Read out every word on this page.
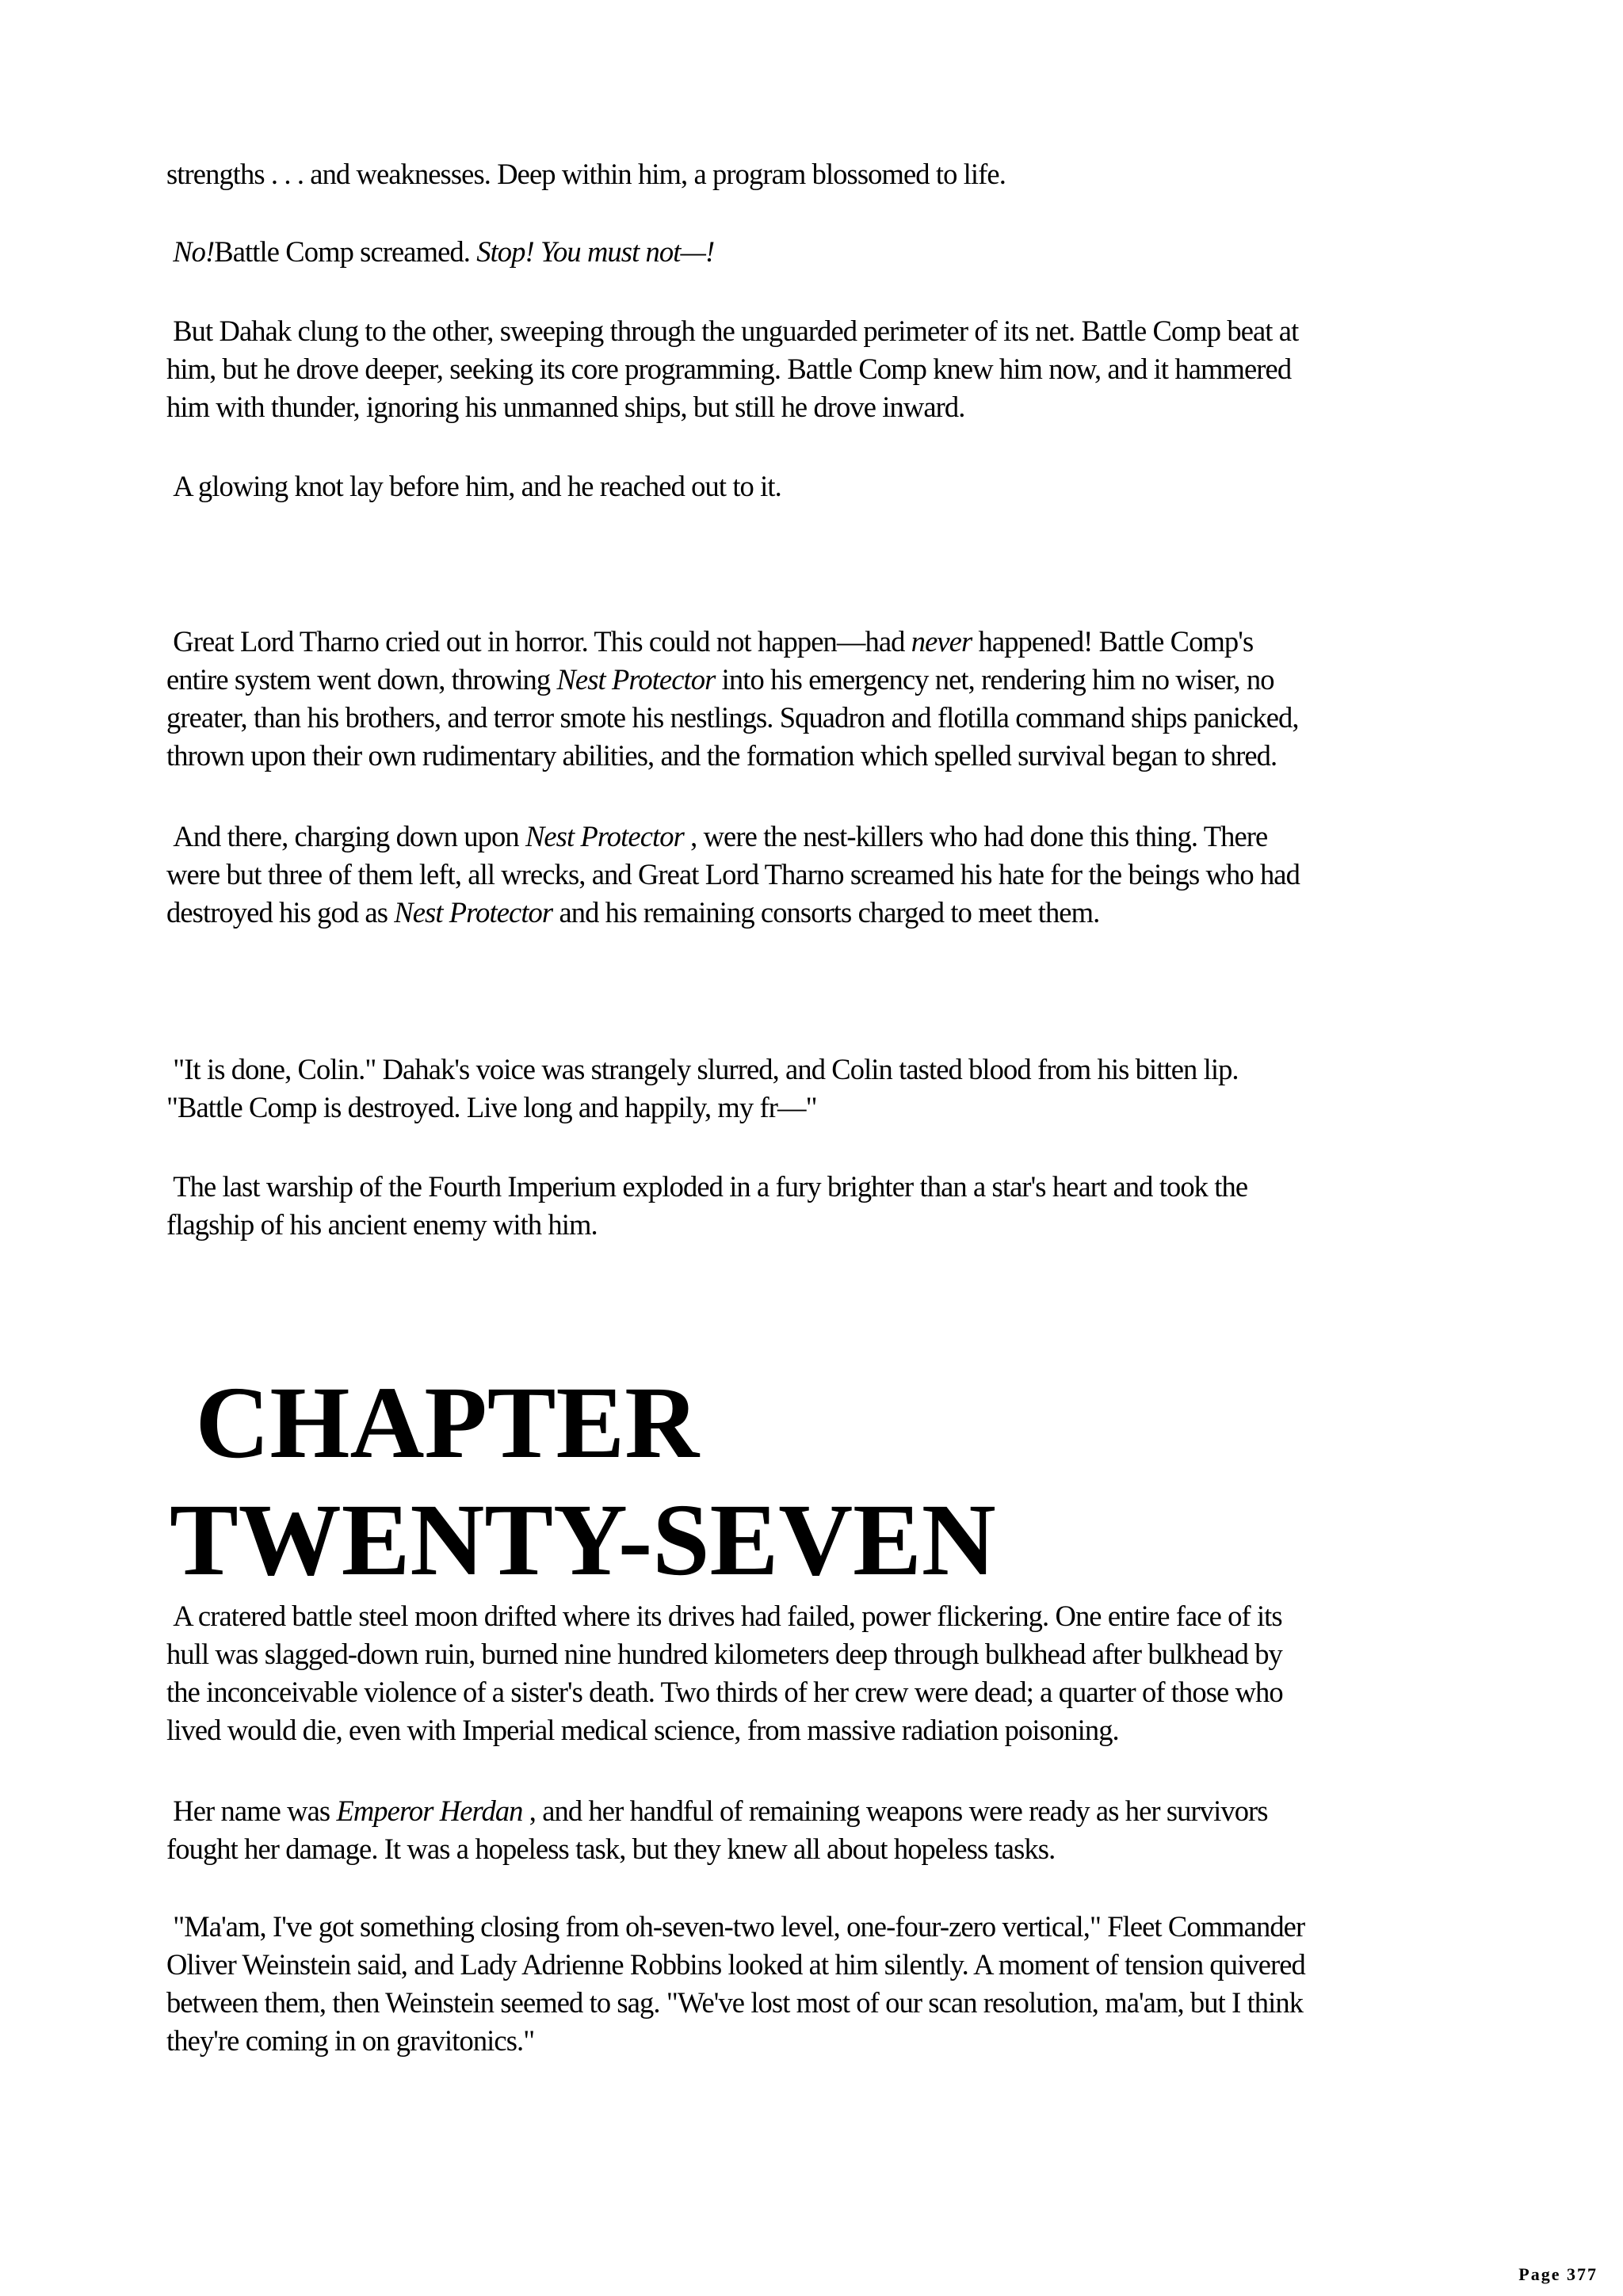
strengths . . . and weaknesses. Deep within him, a program blossomed to life.
No!Battle Comp screamed. Stop! You must not—!
But Dahak clung to the other, sweeping through the unguarded perimeter of its net. Battle Comp beat at
him, but he drove deeper, seeking its core programming. Battle Comp knew him now, and it hammered
him with thunder, ignoring his unmanned ships, but still he drove inward.
A glowing knot lay before him, and he reached out to it.
Great Lord Tharno cried out in horror. This could not happen—had never happened! Battle Comp's
entire system went down, throwing Nest Protector into his emergency net, rendering him no wiser, no
greater, than his brothers, and terror smote his nestlings. Squadron and flotilla command ships panicked,
thrown upon their own rudimentary abilities, and the formation which spelled survival began to shred.
And there, charging down upon Nest Protector , were the nest-killers who had done this thing. There
were but three of them left, all wrecks, and Great Lord Tharno screamed his hate for the beings who had
destroyed his god as Nest Protector and his remaining consorts charged to meet them.
"It is done, Colin." Dahak's voice was strangely slurred, and Colin tasted blood from his bitten lip.
"Battle Comp is destroyed. Live long and happily, my fr—"
The last warship of the Fourth Imperium exploded in a fury brighter than a star's heart and took the
flagship of his ancient enemy with him.
CHAPTER
TWENTY-SEVEN
A cratered battle steel moon drifted where its drives had failed, power flickering. One entire face of its
hull was slagged-down ruin, burned nine hundred kilometers deep through bulkhead after bulkhead by
the inconceivable violence of a sister's death. Two thirds of her crew were dead; a quarter of those who
lived would die, even with Imperial medical science, from massive radiation poisoning.
Her name was Emperor Herdan , and her handful of remaining weapons were ready as her survivors
fought her damage. It was a hopeless task, but they knew all about hopeless tasks.
"Ma'am, I've got something closing from oh-seven-two level, one-four-zero vertical," Fleet Commander
Oliver Weinstein said, and Lady Adrienne Robbins looked at him silently. A moment of tension quivered
between them, then Weinstein seemed to sag. "We've lost most of our scan resolution, ma'am, but I think
they're coming in on gravitonics."
Page 377
